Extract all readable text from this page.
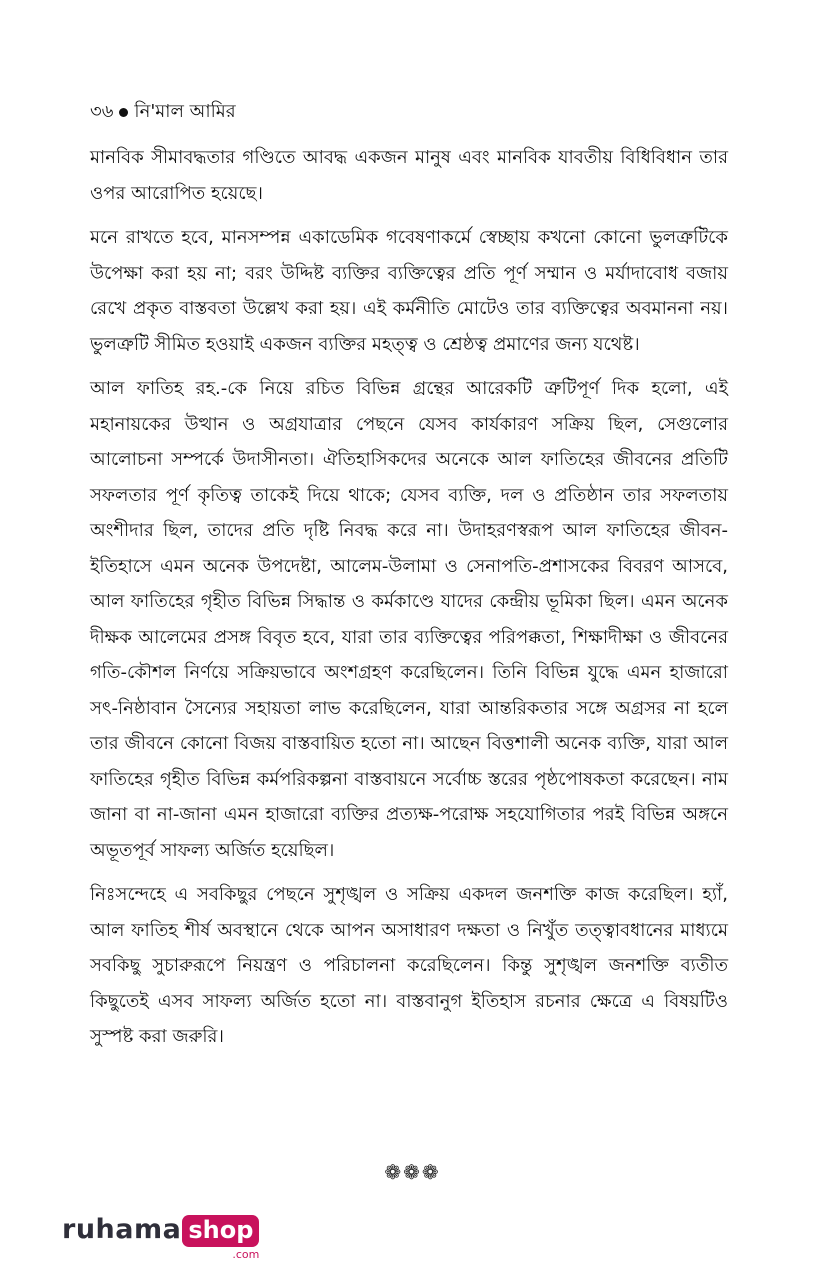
৩৬ নি'মাল আমির

মানবিক সীমাবদ্ধতার গণ্ডিতে আবদ্ধ একজন মানুষ এবং মানবিক যাবতীয় বিধিবিধান তার ওপর আরোপিত হয়েছে।

মনে রাখতে হবে, মানসম্পন্ন একাডেমিক গবেষণাকর্মে স্বেচ্ছায় কখনো কোনো ভুলত্রুটিকে উপেক্ষা করা হয় না; বরং উদ্দিষ্ট ব্যক্তির ব্যক্তিত্বের প্রতি পূর্ণ সম্মান ও মর্যাদাবোধ বজায় রেখে প্রকৃত বাস্তবতা উল্লেখ করা হয়। এই কর্মনীতি মোটেও তার ব্যক্তিত্বের অবমাননা নয়। ভুলত্রুটি সীমিত হওয়াই একজন ব্যক্তির মহত্ত্ব ও শ্রেষ্ঠত্ব প্রমাণের জন্য যথেষ্ট।

আল ফাতিহ রহ.-কে নিয়ে রচিত বিভিন্ন গ্রন্থের আরেকটি ত্রুটিপূর্ণ দিক হলো, এই মহানায়কের উত্থান ও অগ্রযাত্রার পেছনে যেসব কার্যকারণ সক্রিয় ছিল, সেগুলোর আলোচনা সম্পর্কে উদাসীনতা। ঐতিহাসিকদের অনেকে আল ফাতিহের জীবনের প্রতিটি সফলতার পূর্ণ কৃতিত্ব তাকেই দিয়ে থাকে; যেসব ব্যক্তি, দল ও প্রতিষ্ঠান তার সফলতায় অংশীদার ছিল, তাদের প্রতি দৃষ্টি নিবদ্ধ করে না। উদাহরণস্বরূপ আল ফাতিহের জীবন-ইতিহাসে এমন অনেক উপদেষ্টা, আলেম-উলামা ও সেনাপতি-প্রশাসকের বিবরণ আসবে, আল ফাতিহের গৃহীত বিভিন্ন সিদ্ধান্ত ও কর্মকাণ্ডে যাদের কেন্দ্রীয় ভূমিকা ছিল। এমন অনেক দীক্ষক আলেমের প্রসঙ্গ বিবৃত হবে, যারা তার ব্যক্তিত্বের পরিপক্কতা, শিক্ষাদীক্ষা ও জীবনের গতি-কৌশল নির্ণয়ে সক্রিয়ভাবে অংশগ্রহণ করেছিলেন। তিনি বিভিন্ন যুদ্ধে এমন হাজারো সৎ-নিষ্ঠাবান সৈন্যের সহায়তা লাভ করেছিলেন, যারা আন্তরিকতার সঙ্গে অগ্রসর না হলে তার জীবনে কোনো বিজয় বাস্তবায়িত হতো না। আছেন বিত্তশালী অনেক ব্যক্তি, যারা আল ফাতিহের গৃহীত বিভিন্ন কর্মপরিকল্পনা বাস্তবায়নে সর্বোচ্চ স্তরের পৃষ্ঠপোষকতা করেছেন। নাম জানা বা না-জানা এমন হাজারো ব্যক্তির প্রত্যক্ষ-পরোক্ষ সহযোগিতার পরই বিভিন্ন অঙ্গনে অভূতপূর্ব সাফল্য অর্জিত হয়েছিল।

নিঃসন্দেহে এ সবকিছুর পেছনে সুশৃঙ্খল ও সক্রিয় একদল জনশক্তি কাজ করেছিল। হ্যাঁ, আল ফাতিহ শীর্ষ অবস্থানে থেকে আপন অসাধারণ দক্ষতা ও নিখুঁত তত্ত্বাবধানের মাধ্যমে সবকিছু সুচারুরূপে নিয়ন্ত্রণ ও পরিচালনা করেছিলেন। কিন্তু সুশৃঙ্খল জনশক্তি ব্যতীত কিছুতেই এসব সাফল্য অর্জিত হতো না। বাস্তবানুগ ইতিহাস রচনার ক্ষেত্রে এ বিষয়টিও সুস্পষ্ট করা জরুরি।

❁❁❁
ruhama shop
.com
